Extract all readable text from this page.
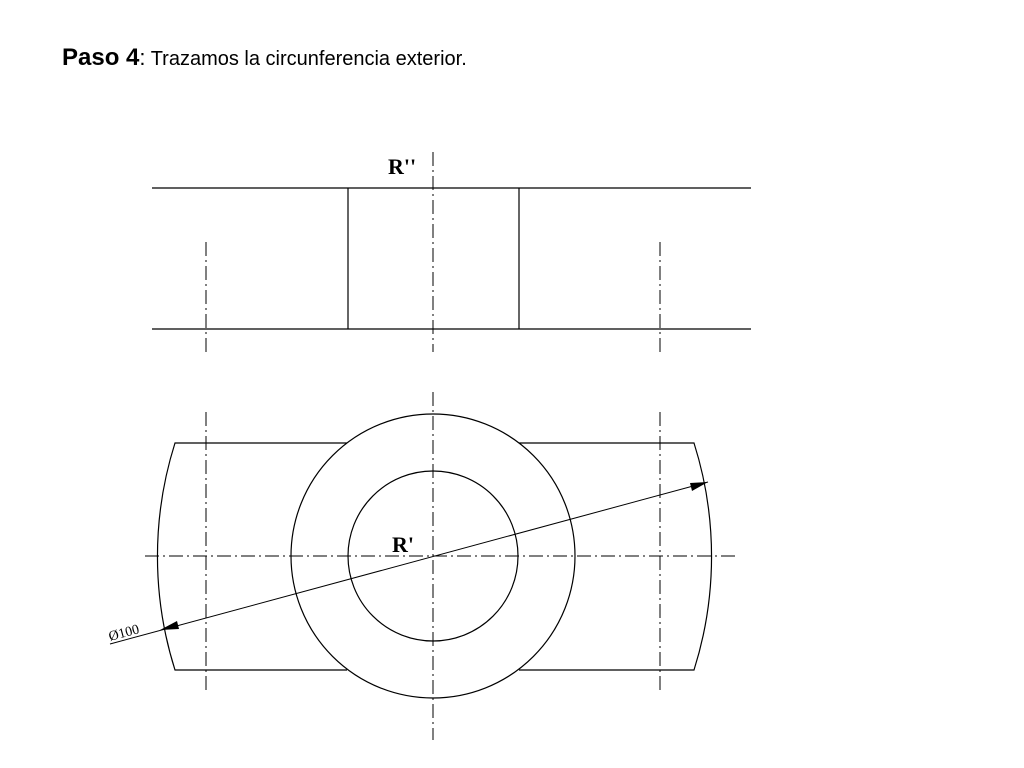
Paso 4: Trazamos la circunferencia exterior.
R''
Ø100
R'
